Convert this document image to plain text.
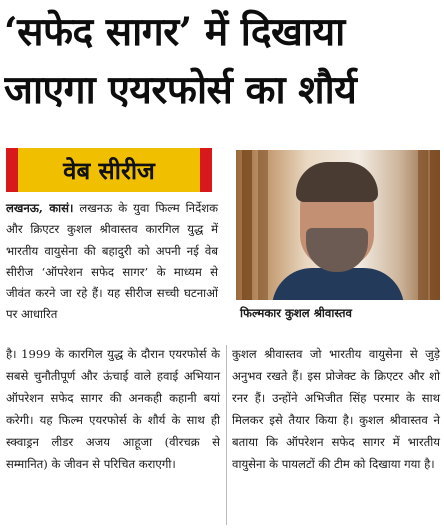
‘सफेद सागर’ में दिखाया
जाएगा एयरफोर्स का शौर्य
वेब सीरीज
लखनऊ, कासं। लखनऊ के युवा फिल्म निर्देशक और क्रिएटर कुशल श्रीवास्तव कारगिल युद्ध में भारतीय वायुसेना की बहादुरी को अपनी नई वेब सीरीज ‘ऑपरेशन सफेद सागर’ के माध्यम से जीवंत करने जा रहे हैं। यह सीरीज सच्ची घटनाओं पर आधारित	फिल्मकार कुशल श्रीवास्तव
है। 1999 के कारगिल युद्ध के दौरान एयरफोर्स के सबसे चुनौतीपूर्ण और ऊंचाई वाले हवाई अभियान ऑपरेशन सफेद सागर की अनकही कहानी बयां करेगी। यह फिल्म एयरफोर्स के शौर्य के साथ ही स्क्वाड्रन लीडर अजय आहूजा (वीरचक्र से सम्मानित) के जीवन से परिचित कराएगी।
कुशल श्रीवास्तव जो भारतीय वायुसेना से जुड़े अनुभव रखते हैं। इस प्रोजेक्ट के क्रिएटर और शो रनर हैं। उन्होंने अभिजीत सिंह परमार के साथ मिलकर इसे तैयार किया है। कुशल श्रीवास्तव ने बताया कि ऑपरेशन सफेद सागर में भारतीय वायुसेना के पायलटों की टीम को दिखाया गया है।
